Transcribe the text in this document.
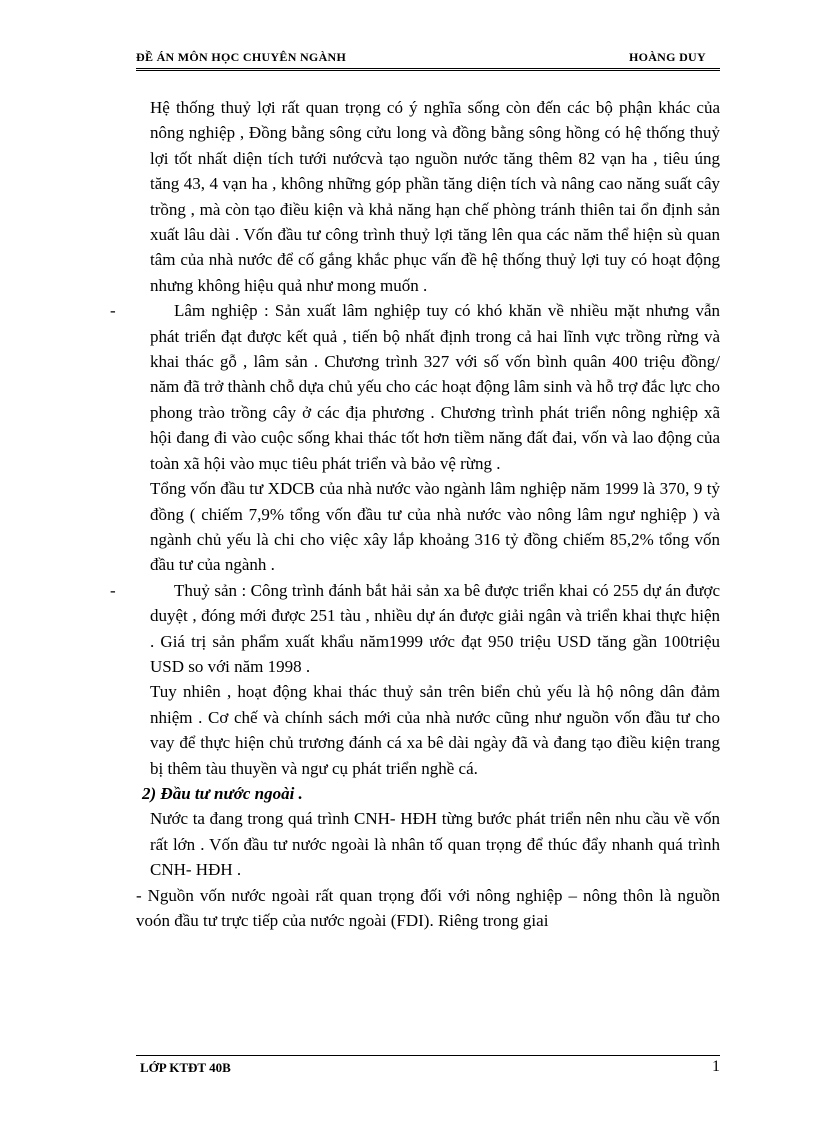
ĐỀ ÁN MÔN HỌC CHUYÊN NGÀNH	HOÀNG DUY
Hệ thống thuỷ lợi rất quan trọng có ý nghĩa sống còn đến các bộ phận khác của nông nghiệp , Đồng bằng sông cửu long và đồng bằng sông hồng có hệ thống thuỷ lợi tốt nhất diện tích tưới nướcvà tạo nguồn nước tăng thêm 82 vạn ha , tiêu úng tăng 43, 4 vạn ha , không những góp phần tăng diện tích và nâng cao năng suất cây trồng , mà còn tạo điều kiện và khả năng hạn chế phòng tránh thiên tai ổn định sản xuất lâu dài . Vốn đầu tư công trình thuỷ lợi tăng lên qua các năm thể hiện sù quan tâm của nhà nước để cố gắng khắc phục vấn đề hệ thống thuỷ lợi tuy có hoạt động nhưng không hiệu quả như mong muốn .
-	Lâm nghiệp : Sản xuất lâm nghiệp tuy có khó khăn về nhiều mặt nhưng vẫn phát triển đạt được kết quả , tiến bộ nhất định trong cả hai lĩnh vực trồng rừng và khai thác gỗ , lâm sản . Chương trình 327 với số vốn bình quân 400 triệu đồng/ năm đã trở thành chỗ dựa chủ yếu cho các hoạt động lâm sinh và hỗ trợ đắc lực cho phong trào trồng cây ở các địa phương . Chương trình phát triển nông nghiệp xã hội đang đi vào cuộc sống khai thác tốt hơn tiềm năng đất đai, vốn và lao động của toàn xã hội vào mục tiêu phát triển và bảo vệ rừng .
Tổng vốn đầu tư XDCB của nhà nước vào ngành lâm nghiệp năm 1999 là 370, 9 tỷ đồng ( chiếm 7,9% tổng vốn đầu tư của nhà nước vào nông lâm ngư nghiệp ) và ngành chủ yếu là chi cho việc xây lắp khoảng 316 tỷ đồng chiếm 85,2% tổng vốn đầu tư của ngành .
-	Thuỷ sản : Công trình đánh bắt hải sản xa bê được triển khai có 255 dự án được duyệt , đóng mới được 251 tàu , nhiều dự án được giải ngân và triển khai thực hiện . Giá trị sản phẩm xuất khẩu năm1999 ước đạt 950 triệu USD tăng gần 100triệu USD so với năm 1998 .
Tuy nhiên , hoạt động khai thác thuỷ sản trên biển chủ yếu là hộ nông dân đảm nhiệm . Cơ chế và chính sách mới của nhà nước cũng như nguồn vốn đầu tư cho vay để thực hiện chủ trương đánh cá xa bê dài ngày đã và đang tạo điều kiện trang bị thêm tàu thuyền và ngư cụ phát triển nghề cá.
2) Đầu tư nước ngoài .
Nước ta đang trong quá trình CNH- HĐH từng bước phát triển nên nhu cầu về vốn rất lớn . Vốn đầu tư nước ngoài là nhân tố quan trọng để thúc đẩy nhanh quá trình CNH- HĐH .
- Nguồn vốn nước ngoài rất quan trọng đối với nông nghiệp – nông thôn là nguồn voón đầu tư trực tiếp của nước ngoài (FDI). Riêng trong giai
LỚP KTĐT 40B	1
